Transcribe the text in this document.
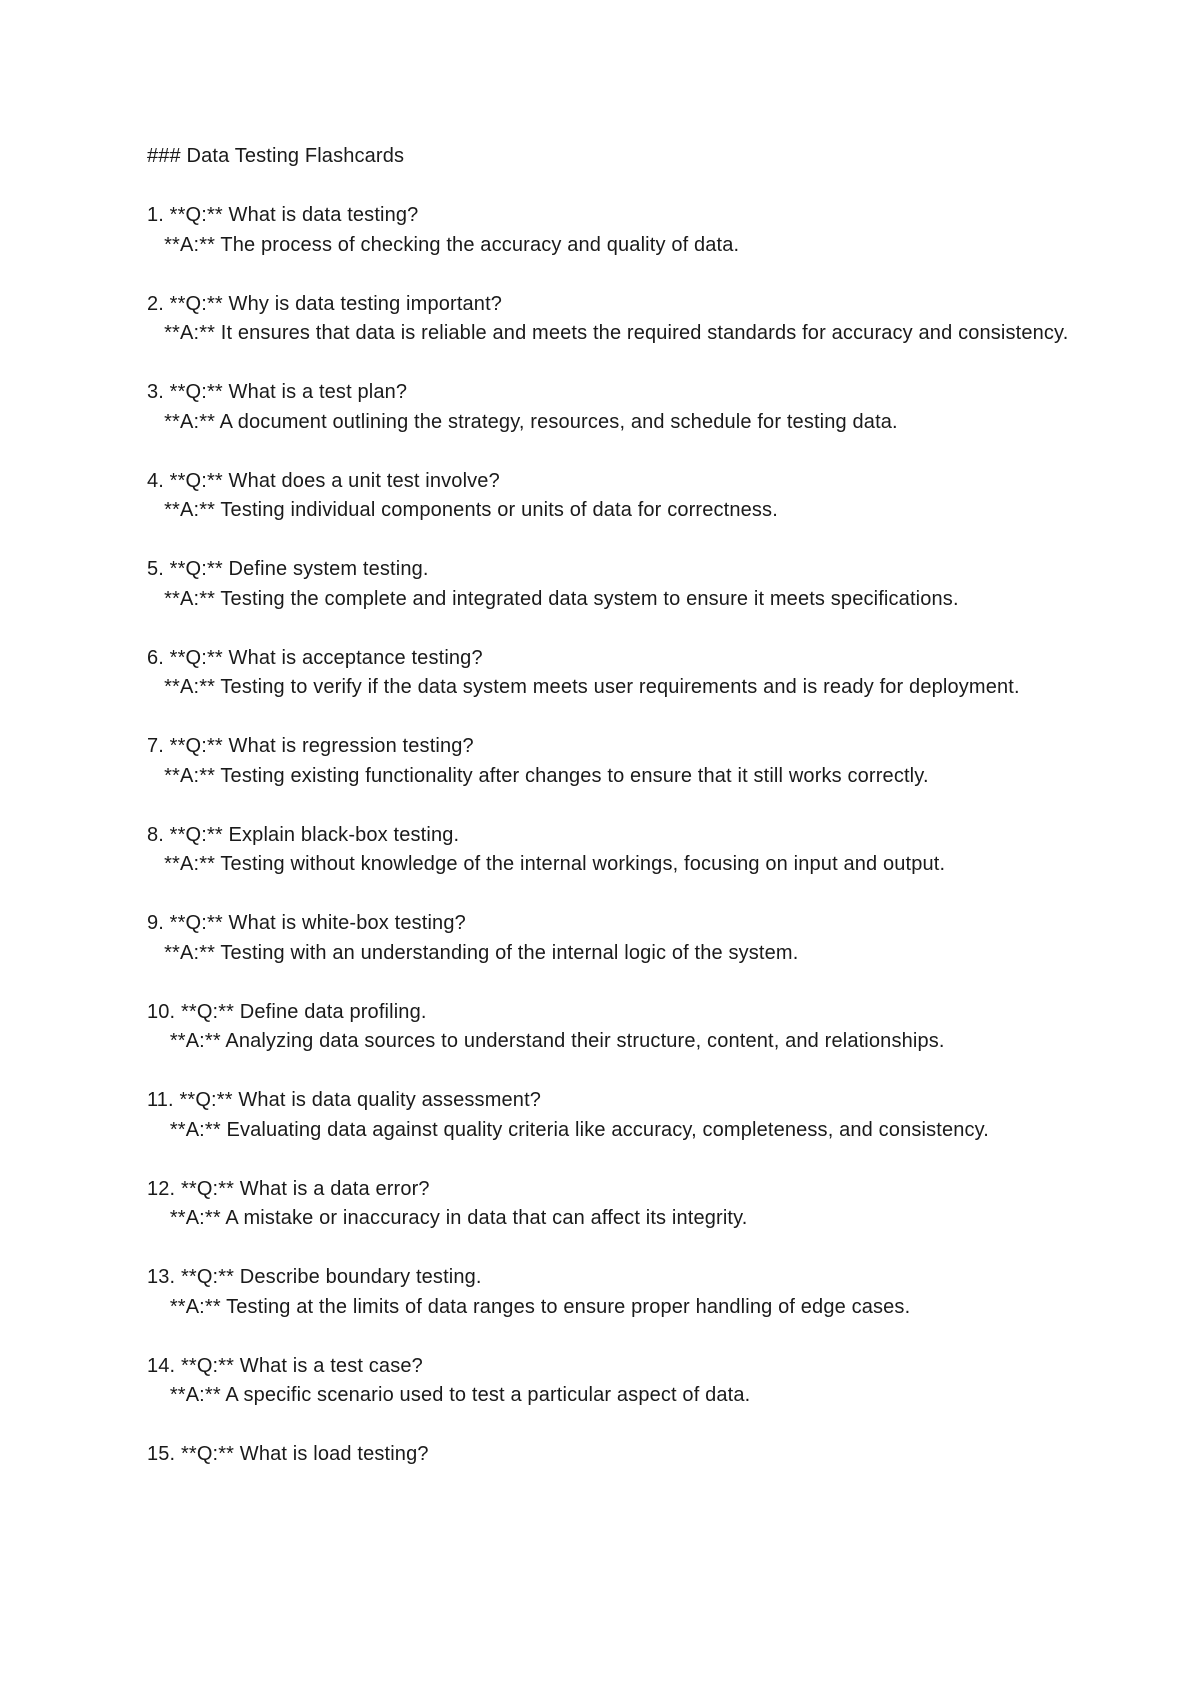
### Data Testing Flashcards
1. **Q:** What is data testing?
**A:** The process of checking the accuracy and quality of data.
2. **Q:** Why is data testing important?
**A:** It ensures that data is reliable and meets the required standards for accuracy and consistency.
3. **Q:** What is a test plan?
**A:** A document outlining the strategy, resources, and schedule for testing data.
4. **Q:** What does a unit test involve?
**A:** Testing individual components or units of data for correctness.
5. **Q:** Define system testing.
**A:** Testing the complete and integrated data system to ensure it meets specifications.
6. **Q:** What is acceptance testing?
**A:** Testing to verify if the data system meets user requirements and is ready for deployment.
7. **Q:** What is regression testing?
**A:** Testing existing functionality after changes to ensure that it still works correctly.
8. **Q:** Explain black-box testing.
**A:** Testing without knowledge of the internal workings, focusing on input and output.
9. **Q:** What is white-box testing?
**A:** Testing with an understanding of the internal logic of the system.
10. **Q:** Define data profiling.
**A:** Analyzing data sources to understand their structure, content, and relationships.
11. **Q:** What is data quality assessment?
**A:** Evaluating data against quality criteria like accuracy, completeness, and consistency.
12. **Q:** What is a data error?
**A:** A mistake or inaccuracy in data that can affect its integrity.
13. **Q:** Describe boundary testing.
**A:** Testing at the limits of data ranges to ensure proper handling of edge cases.
14. **Q:** What is a test case?
**A:** A specific scenario used to test a particular aspect of data.
15. **Q:** What is load testing?
